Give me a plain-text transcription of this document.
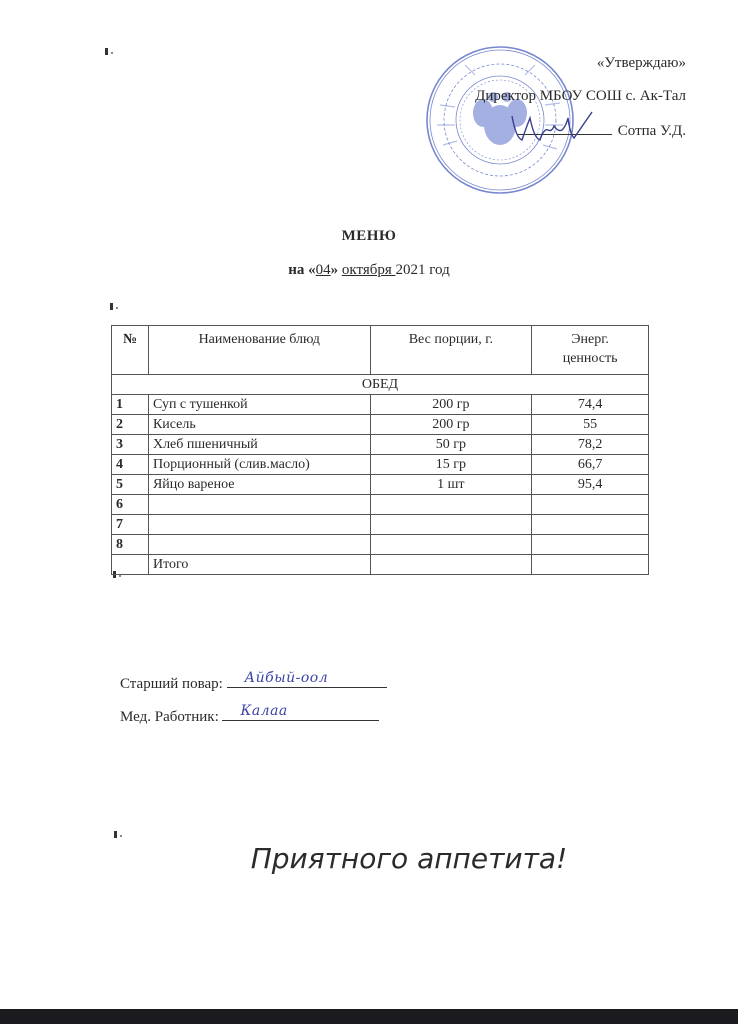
«Утверждаю»
Директор МБОУ СОШ с. Ак-Тал
Сотпа У.Д.
МЕНЮ
на «04» октября 2021 год
№	Наименование блюд	Вес порции, г.	Энерг.
ценность
ОБЕД			
1	Суп с тушенкой	200 гр	74,4
2	Кисель	200 гр	55
3	Хлеб пшеничный	50 гр	78,2
4	Порционный (слив.масло)	15 гр	66,7
5	Яйцо вареное	1 шт	95,4
6			
7			
8			
	Итого		
Старший повар: Айбый-оол
Мед. Работник: Калаа
Приятного аппетита!
